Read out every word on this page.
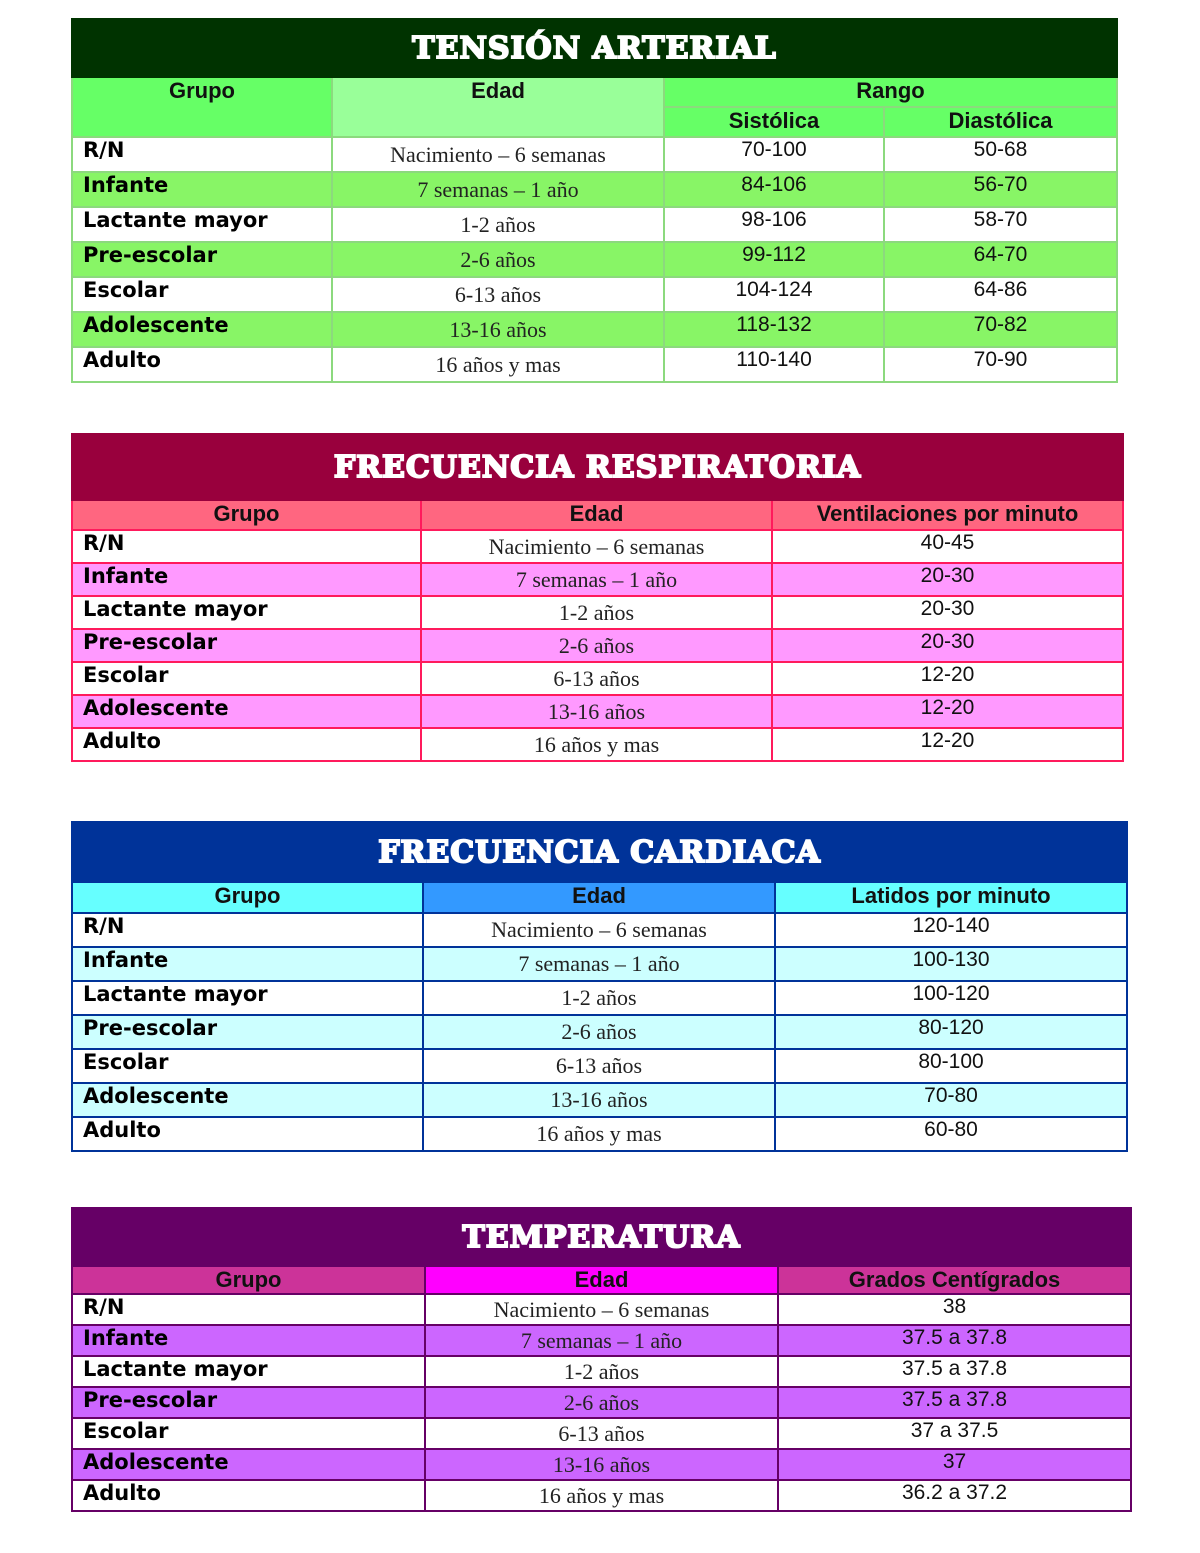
TENSIÓN ARTERIAL			
Grupo	Edad	Rango	
		Sistólica	Diastólica
R/N	Nacimiento – 6 semanas	70-100	50-68
Infante	7 semanas – 1 año	84-106	56-70
Lactante mayor	1-2 años	98-106	58-70
Pre-escolar	2-6 años	99-112	64-70
Escolar	6-13 años	104-124	64-86
Adolescente	13-16 años	118-132	70-82
Adulto	16 años y mas	110-140	70-90
FRECUENCIA RESPIRATORIA		
Grupo	Edad	Ventilaciones por minuto
R/N	Nacimiento – 6 semanas	40-45
Infante	7 semanas – 1 año	20-30
Lactante mayor	1-2 años	20-30
Pre-escolar	2-6 años	20-30
Escolar	6-13 años	12-20
Adolescente	13-16 años	12-20
Adulto	16 años y mas	12-20
FRECUENCIA CARDIACA		
Grupo	Edad	Latidos por minuto
R/N	Nacimiento – 6 semanas	120-140
Infante	7 semanas – 1 año	100-130
Lactante mayor	1-2 años	100-120
Pre-escolar	2-6 años	80-120
Escolar	6-13 años	80-100
Adolescente	13-16 años	70-80
Adulto	16 años y mas	60-80
TEMPERATURA		
Grupo	Edad	Grados Centígrados
R/N	Nacimiento – 6 semanas	38
Infante	7 semanas – 1 año	37.5 a 37.8
Lactante mayor	1-2 años	37.5 a 37.8
Pre-escolar	2-6 años	37.5 a 37.8
Escolar	6-13 años	37 a 37.5
Adolescente	13-16 años	37
Adulto	16 años y mas	36.2 a 37.2
